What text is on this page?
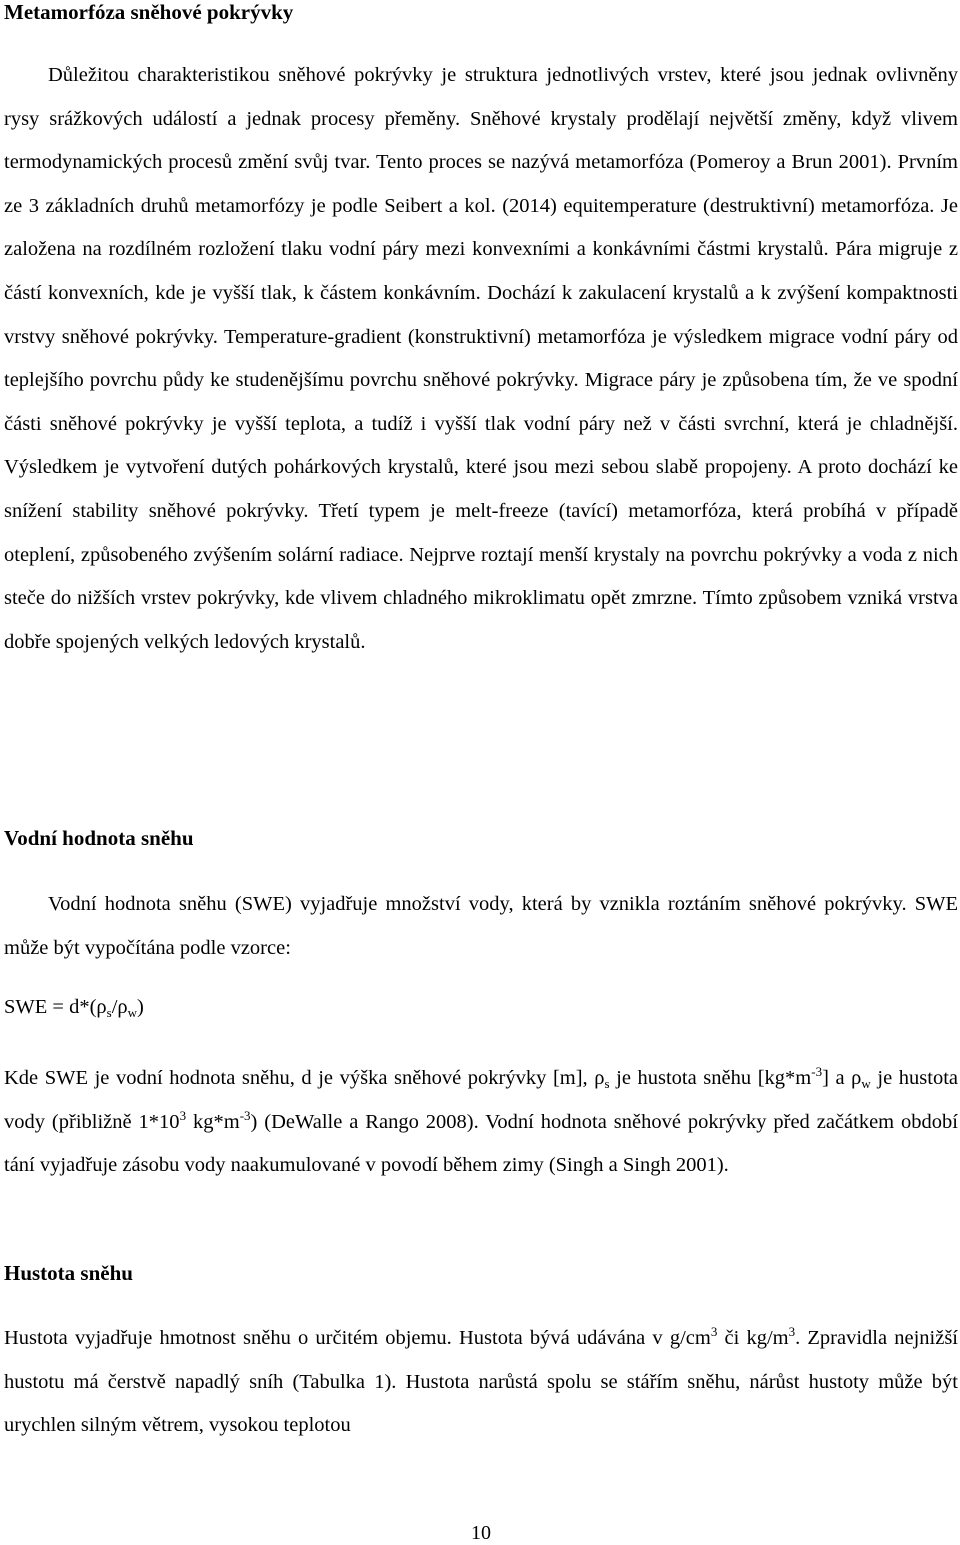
Metamorfóza sněhové pokrývky

Důležitou charakteristikou sněhové pokrývky je struktura jednotlivých vrstev, které jsou jednak ovlivněny rysy srážkových událostí a jednak procesy přeměny. Sněhové krystaly prodělají největší změny, když vlivem termodynamických procesů změní svůj tvar. Tento proces se nazývá metamorfóza (Pomeroy a Brun 2001). Prvním ze 3 základních druhů metamorfózy je podle Seibert a kol. (2014) equitemperature (destruktivní) metamorfóza. Je založena na rozdílném rozložení tlaku vodní páry mezi konvexními a konkávními částmi krystalů. Pára migruje z částí konvexních, kde je vyšší tlak, k částem konkávním. Dochází k zakulacení krystalů a k zvýšení kompaktnosti vrstvy sněhové pokrývky. Temperature-gradient (konstruktivní) metamorfóza je výsledkem migrace vodní páry od teplejšího povrchu půdy ke studenějšímu povrchu sněhové pokrývky. Migrace páry je způsobena tím, že ve spodní části sněhové pokrývky je vyšší teplota, a tudíž i vyšší tlak vodní páry než v části svrchní, která je chladnější. Výsledkem je vytvoření dutých pohárkových krystalů, které jsou mezi sebou slabě propojeny. A proto dochází ke snížení stability sněhové pokrývky. Třetí typem je melt-freeze (tavící) metamorfóza, která probíhá v případě oteplení, způsobeného zvýšením solární radiace. Nejprve roztají menší krystaly na povrchu pokrývky a voda z nich steče do nižších vrstev pokrývky, kde vlivem chladného mikroklimatu opět zmrzne. Tímto způsobem vzniká vrstva dobře spojených velkých ledových krystalů.

Vodní hodnota sněhu

Vodní hodnota sněhu (SWE) vyjadřuje množství vody, která by vznikla roztáním sněhové pokrývky. SWE může být vypočítána podle vzorce:

SWE = $d*(\rho_s/\rho_w)$

Kde SWE je vodní hodnota sněhu, d je výška sněhové pokrývky [m], $\rho_s$ je hustota sněhu $[kg*m^{-3}]$ a $\rho_w$ je hustota vody (přibližně $1*10^3$ $kg*m^{-3}$) (DeWalle a Rango 2008). Vodní hodnota sněhové pokrývky před začátkem období tání vyjadřuje zásobu vody naakumulované v povodí během zimy (Singh a Singh 2001).

Hustota sněhu

Hustota vyjadřuje hmotnost sněhu o určitém objemu. Hustota bývá udávána v $g/cm^3$ či $kg/m^3$. Zpravidla nejnižší hustotu má čerstvě napadlý sníh (Tabulka 1). Hustota narůstá spolu se stářím sněhu, nárůst hustoty může být urychlen silným větrem, vysokou teplotou

10
